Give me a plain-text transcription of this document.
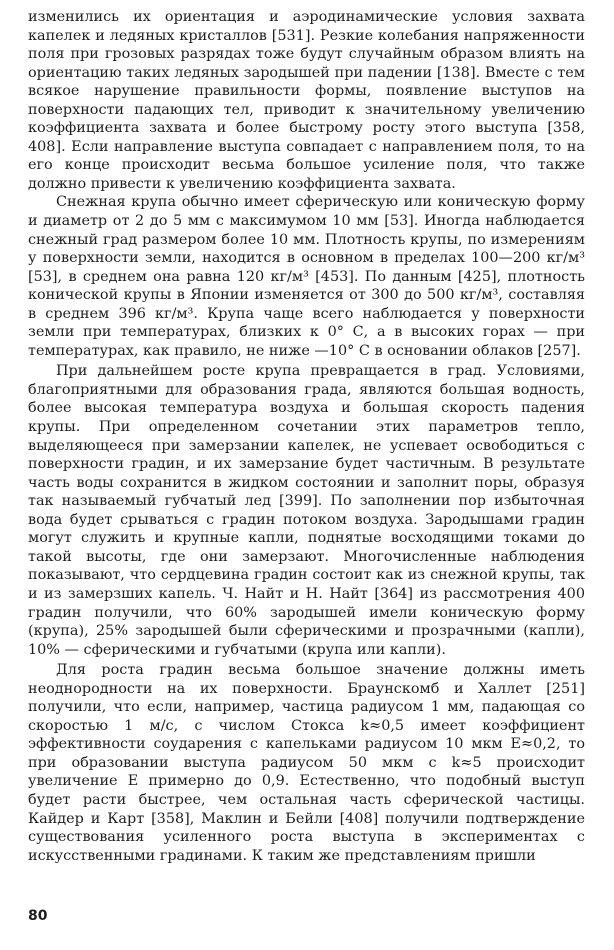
изменились их ориентация и аэродинамические условия захвата капелек и ледяных кристаллов [531]. Резкие колебания напряженности поля при грозовых разрядах тоже будут случайным образом влиять на ориентацию таких ледяных зародышей при падении [138]. Вместе с тем всякое нарушение правильности формы, появление выступов на поверхности падающих тел, приводит к значительному увеличению коэффициента захвата и более быстрому росту этого выступа [358, 408]. Если направление выступа совпадает с направлением поля, то на его конце происходит весьма большое усиление поля, что также должно привести к увеличению коэффициента захвата.

Снежная крупа обычно имеет сферическую или коническую форму и диаметр от 2 до 5 мм с максимумом 10 мм [53]. Иногда наблюдается снежный град размером более 10 мм. Плотность крупы, по измерениям у поверхности земли, находится в основном в пределах 100—200 кг/м³ [53], в среднем она равна 120 кг/м³ [453]. По данным [425], плотность конической крупы в Японии изменяется от 300 до 500 кг/м³, составляя в среднем 396 кг/м³. Крупа чаще всего наблюдается у поверхности земли при температурах, близких к 0° С, а в высоких горах — при температурах, как правило, не ниже —10° С в основании облаков [257].

При дальнейшем росте крупа превращается в град. Условиями, благоприятными для образования града, являются большая водность, более высокая температура воздуха и большая скорость падения крупы. При определенном сочетании этих параметров тепло, выделяющееся при замерзании капелек, не успевает освободиться с поверхности градин, и их замерзание будет частичным. В результате часть воды сохранится в жидком состоянии и заполнит поры, образуя так называемый губчатый лед [399]. По заполнении пор избыточная вода будет срываться с градин потоком воздуха. Зародышами градин могут служить и крупные капли, поднятые восходящими токами до такой высоты, где они замерзают. Многочисленные наблюдения показывают, что сердцевина градин состоит как из снежной крупы, так и из замерзших капель. Ч. Найт и Н. Найт [364] из рассмотрения 400 градин получили, что 60% зародышей имели коническую форму (крупа), 25% зародышей были сферическими и прозрачными (капли), 10% — сферическими и губчатыми (крупа или капли).

Для роста градин весьма большое значение должны иметь неоднородности на их поверхности. Браунскомб и Халлет [251] получили, что если, например, частица радиусом 1 мм, падающая со скоростью 1 м/с, с числом Стокса k≈0,5 имеет коэффициент эффективности соударения с капельками радиусом 10 мкм E≈0,2, то при образовании выступа радиусом 50 мкм с k≈5 происходит увеличение E примерно до 0,9. Естественно, что подобный выступ будет расти быстрее, чем остальная часть сферической частицы. Кайдер и Карт [358], Маклин и Бейли [408] получили подтверждение существования усиленного роста выступа в экспериментах с искусственными градинами. К таким же представлениям пришли

80
